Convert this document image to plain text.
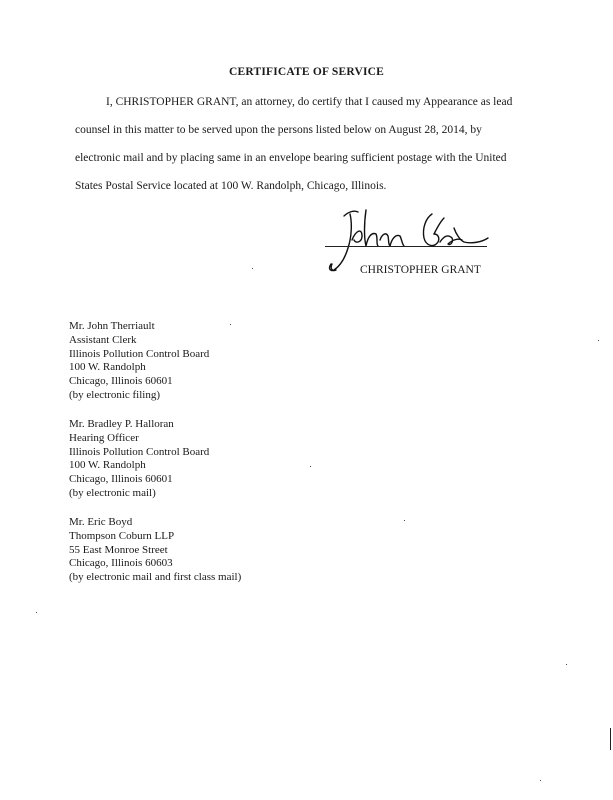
CERTIFICATE OF SERVICE
I, CHRISTOPHER GRANT, an attorney, do certify that I caused my Appearance as lead
counsel in this matter to be served upon the persons listed below on August 28, 2014, by
electronic mail and by placing same in an envelope bearing sufficient postage with the United
States Postal Service located at 100 W. Randolph, Chicago, Illinois.
CHRISTOPHER GRANT
Mr. John Therriault
Assistant Clerk
Illinois Pollution Control Board
100 W. Randolph
Chicago, Illinois 60601
(by electronic filing)
Mr. Bradley P. Halloran
Hearing Officer
Illinois Pollution Control Board
100 W. Randolph
Chicago, Illinois 60601
(by electronic mail)
Mr. Eric Boyd
Thompson Coburn LLP
55 East Monroe Street
Chicago, Illinois 60603
(by electronic mail and first class mail)
